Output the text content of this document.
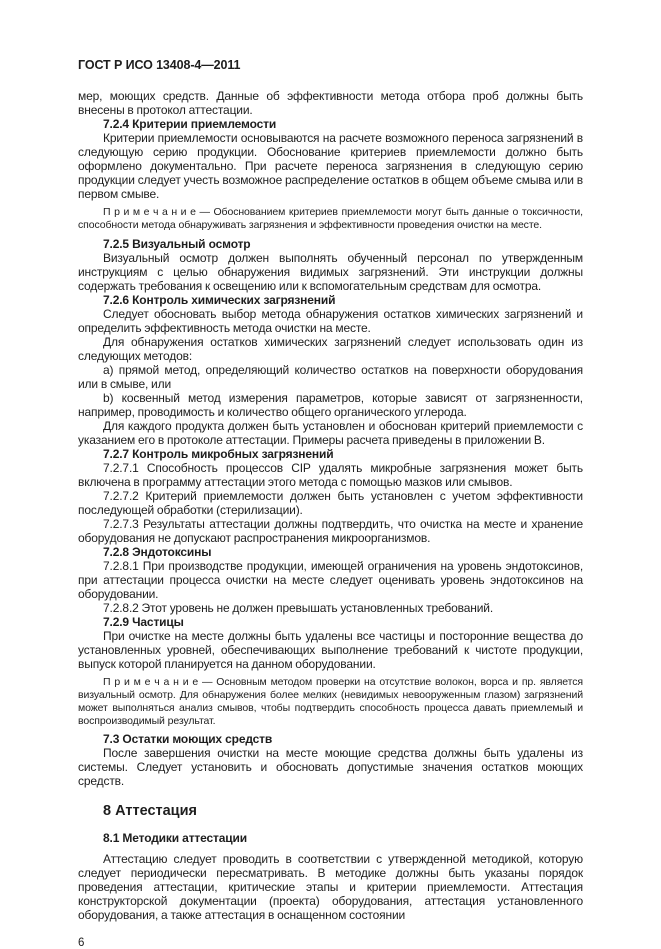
ГОСТ Р ИСО 13408-4—2011

мер, моющих средств. Данные об эффективности метода отбора проб должны быть внесены в протокол аттестации.

7.2.4 Критерии приемлемости

Критерии приемлемости основываются на расчете возможного переноса загрязнений в следующую серию продукции. Обоснование критериев приемлемости должно быть оформлено документально. При расчете переноса загрязнения в следующую серию продукции следует учесть возможное распределение остатков в общем объеме смыва или в первом смыве.

П р и м е ч а н и е — Обоснованием критериев приемлемости могут быть данные о токсичности, способности метода обнаруживать загрязнения и эффективности проведения очистки на месте.

7.2.5 Визуальный осмотр

Визуальный осмотр должен выполнять обученный персонал по утвержденным инструкциям с целью обнаружения видимых загрязнений. Эти инструкции должны содержать требования к освещению или к вспомогательным средствам для осмотра.

7.2.6 Контроль химических загрязнений

Следует обосновать выбор метода обнаружения остатков химических загрязнений и определить эффективность метода очистки на месте.

Для обнаружения остатков химических загрязнений следует использовать один из следующих методов:

a) прямой метод, определяющий количество остатков на поверхности оборудования или в смыве, или

b) косвенный метод измерения параметров, которые зависят от загрязненности, например, проводимость и количество общего органического углерода.

Для каждого продукта должен быть установлен и обоснован критерий приемлемости с указанием его в протоколе аттестации. Примеры расчета приведены в приложении В.

7.2.7 Контроль микробных загрязнений

7.2.7.1 Способность процессов CIP удалять микробные загрязнения может быть включена в программу аттестации этого метода с помощью мазков или смывов.

7.2.7.2 Критерий приемлемости должен быть установлен с учетом эффективности последующей обработки (стерилизации).

7.2.7.3 Результаты аттестации должны подтвердить, что очистка на месте и хранение оборудования не допускают распространения микроорганизмов.

7.2.8 Эндотоксины

7.2.8.1 При производстве продукции, имеющей ограничения на уровень эндотоксинов, при аттестации процесса очистки на месте следует оценивать уровень эндотоксинов на оборудовании.

7.2.8.2 Этот уровень не должен превышать установленных требований.

7.2.9 Частицы

При очистке на месте должны быть удалены все частицы и посторонние вещества до установленных уровней, обеспечивающих выполнение требований к чистоте продукции, выпуск которой планируется на данном оборудовании.

П р и м е ч а н и е — Основным методом проверки на отсутствие волокон, ворса и пр. является визуальный осмотр. Для обнаружения более мелких (невидимых невооруженным глазом) загрязнений может выполняться анализ смывов, чтобы подтвердить способность процесса давать приемлемый и воспроизводимый результат.

7.3 Остатки моющих средств

После завершения очистки на месте моющие средства должны быть удалены из системы. Следует установить и обосновать допустимые значения остатков моющих средств.

8 Аттестация

8.1 Методики аттестации

Аттестацию следует проводить в соответствии с утвержденной методикой, которую следует периодически пересматривать. В методике должны быть указаны порядок проведения аттестации, критические этапы и критерии приемлемости. Аттестация конструкторской документации (проекта) оборудования, аттестация установленного оборудования, а также аттестация в оснащенном состоянии

6
